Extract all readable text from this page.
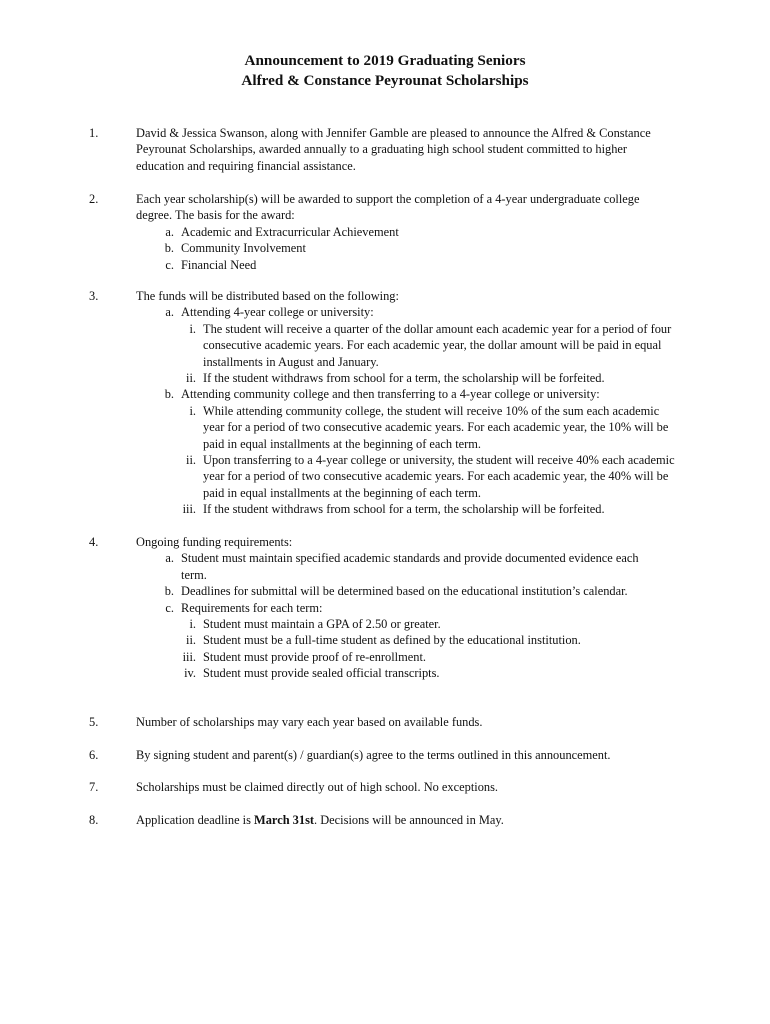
Announcement to 2019 Graduating Seniors
Alfred & Constance Peyrounat Scholarships
1.	David & Jessica Swanson, along with Jennifer Gamble are pleased to announce the Alfred & Constance Peyrounat Scholarships, awarded annually to a graduating high school student committed to higher education and requiring financial assistance.
2.	Each year scholarship(s) will be awarded to support the completion of a 4-year undergraduate college degree. The basis for the award:
a. Academic and Extracurricular Achievement
b. Community Involvement
c. Financial Need
3.	The funds will be distributed based on the following:
a. Attending 4-year college or university:
i. The student will receive a quarter of the dollar amount each academic year for a period of four consecutive academic years. For each academic year, the dollar amount will be paid in equal installments in August and January.
ii. If the student withdraws from school for a term, the scholarship will be forfeited.
b. Attending community college and then transferring to a 4-year college or university:
i. While attending community college, the student will receive 10% of the sum each academic year for a period of two consecutive academic years. For each academic year, the 10% will be paid in equal installments at the beginning of each term.
ii. Upon transferring to a 4-year college or university, the student will receive 40% each academic year for a period of two consecutive academic years. For each academic year, the 40% will be paid in equal installments at the beginning of each term.
iii. If the student withdraws from school for a term, the scholarship will be forfeited.
4.	Ongoing funding requirements:
a. Student must maintain specified academic standards and provide documented evidence each term.
b. Deadlines for submittal will be determined based on the educational institution’s calendar.
c. Requirements for each term:
i. Student must maintain a GPA of 2.50 or greater.
ii. Student must be a full-time student as defined by the educational institution.
iii. Student must provide proof of re-enrollment.
iv. Student must provide sealed official transcripts.
5.	Number of scholarships may vary each year based on available funds.
6.	By signing student and parent(s) / guardian(s) agree to the terms outlined in this announcement.
7.	Scholarships must be claimed directly out of high school. No exceptions.
8.	Application deadline is March 31st. Decisions will be announced in May.
